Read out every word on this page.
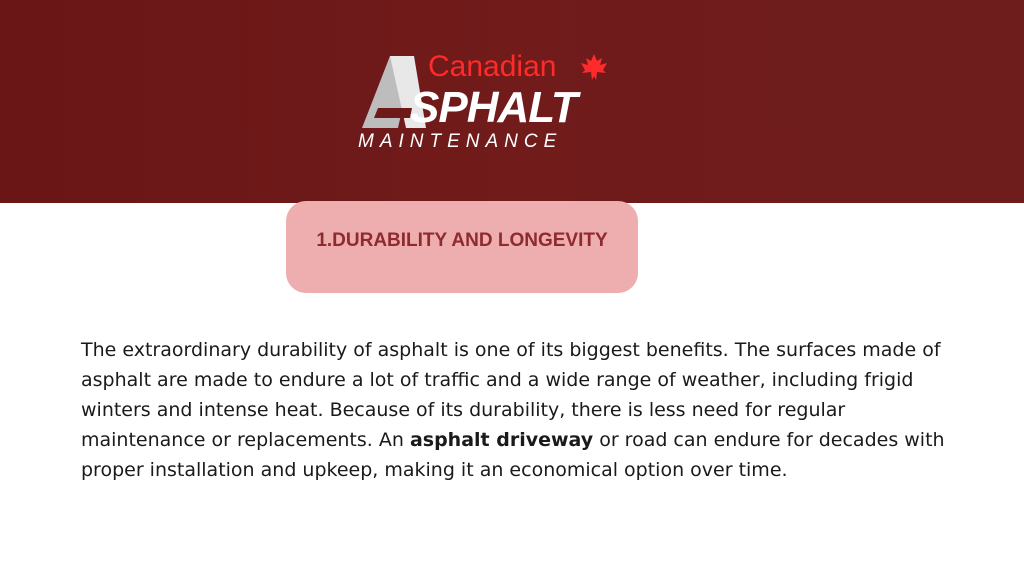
Canadian
SPHALT
MAINTENANCE
1.DURABILITY AND LONGEVITY

The extraordinary durability of asphalt is one of its biggest benefits. The surfaces made of asphalt are made to endure a lot of traffic and a wide range of weather, including frigid winters and intense heat. Because of its durability, there is less need for regular maintenance or replacements. An asphalt driveway or road can endure for decades with proper installation and upkeep, making it an economical option over time.
